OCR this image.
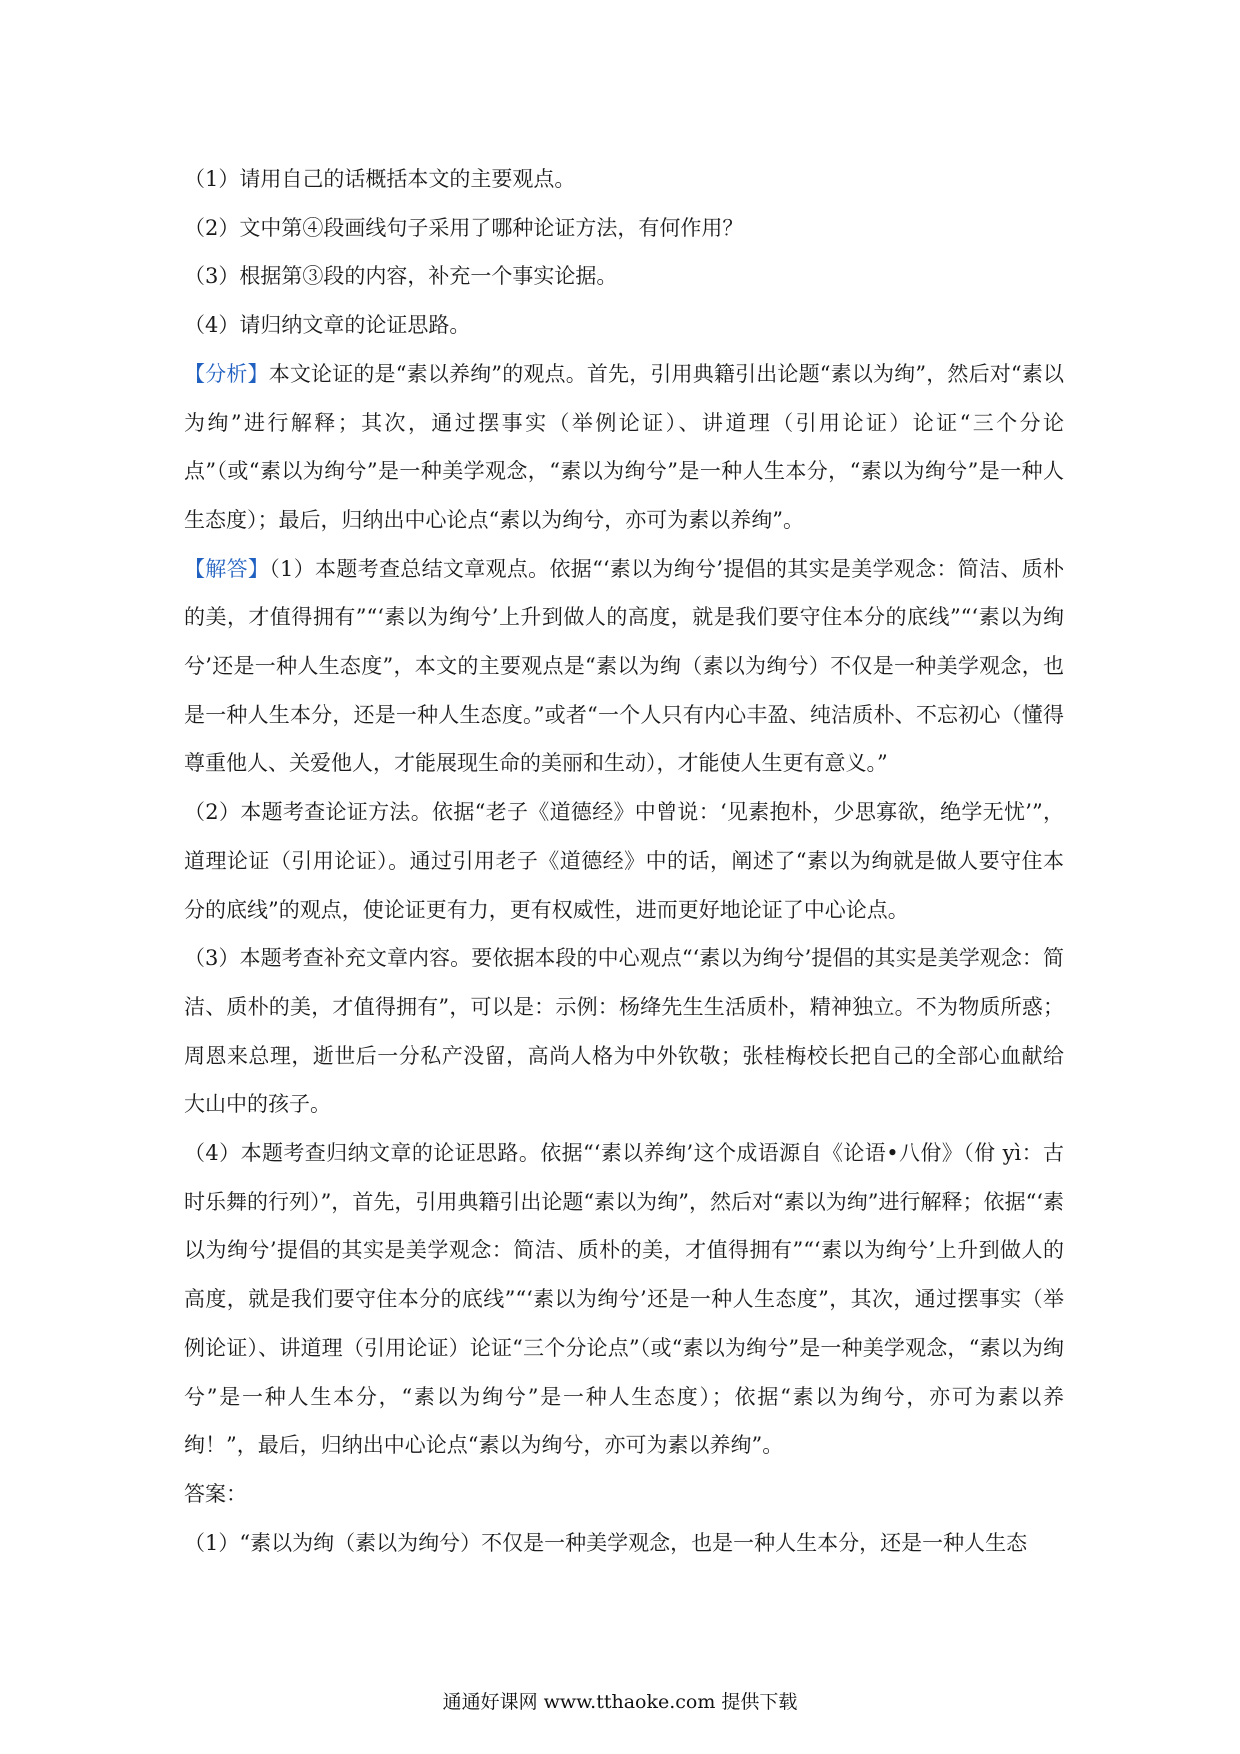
（1）请用自己的话概括本文的主要观点。

（2）文中第④段画线句子采用了哪种论证方法，有何作用？

（3）根据第③段的内容，补充一个事实论据。

（4）请归纳文章的论证思路。

【分析】本文论证的是“素以养绚”的观点。首先，引用典籍引出论题“素以为绚”，然后对“素以为绚”进行解释；其次，通过摆事实（举例论证）、讲道理（引用论证）论证“三个分论点”（或“素以为绚兮”是一种美学观念，“素以为绚兮”是一种人生本分，“素以为绚兮”是一种人生态度）；最后，归纳出中心论点“素以为绚兮，亦可为素以养绚”。

【解答】（1）本题考查总结文章观点。依据“‘素以为绚兮’提倡的其实是美学观念：简洁、质朴的美，才值得拥有”“‘素以为绚兮’上升到做人的高度，就是我们要守住本分的底线”“‘素以为绚兮’还是一种人生态度”，本文的主要观点是“素以为绚（素以为绚兮）不仅是一种美学观念，也是一种人生本分，还是一种人生态度。”或者“一个人只有内心丰盈、纯洁质朴、不忘初心（懂得尊重他人、关爱他人，才能展现生命的美丽和生动），才能使人生更有意义。”

（2）本题考查论证方法。依据“老子《道德经》中曾说：‘见素抱朴，少思寡欲，绝学无忧’”，道理论证（引用论证）。通过引用老子《道德经》中的话，阐述了“素以为绚就是做人要守住本分的底线”的观点，使论证更有力，更有权威性，进而更好地论证了中心论点。

（3）本题考查补充文章内容。要依据本段的中心观点“‘素以为绚兮’提倡的其实是美学观念：简洁、质朴的美，才值得拥有”，可以是：示例：杨绛先生生活质朴，精神独立。不为物质所惑；周恩来总理，逝世后一分私产没留，高尚人格为中外钦敬；张桂梅校长把自己的全部心血献给大山中的孩子。

（4）本题考查归纳文章的论证思路。依据“‘素以养绚’这个成语源自《论语•八佾》（佾 yì：古时乐舞的行列）”，首先，引用典籍引出论题“素以为绚”，然后对“素以为绚”进行解释；依据“‘素以为绚兮’提倡的其实是美学观念：简洁、质朴的美，才值得拥有”“‘素以为绚兮’上升到做人的高度，就是我们要守住本分的底线”“‘素以为绚兮’还是一种人生态度”，其次，通过摆事实（举例论证）、讲道理（引用论证）论证“三个分论点”（或“素以为绚兮”是一种美学观念，“素以为绚兮”是一种人生本分，“素以为绚兮”是一种人生态度）；依据“素以为绚兮，亦可为素以养绚！”，最后，归纳出中心论点“素以为绚兮，亦可为素以养绚”。

答案：

（1）“素以为绚（素以为绚兮）不仅是一种美学观念，也是一种人生本分，还是一种人生态

通通好课网 www.tthaoke.com 提供下载
